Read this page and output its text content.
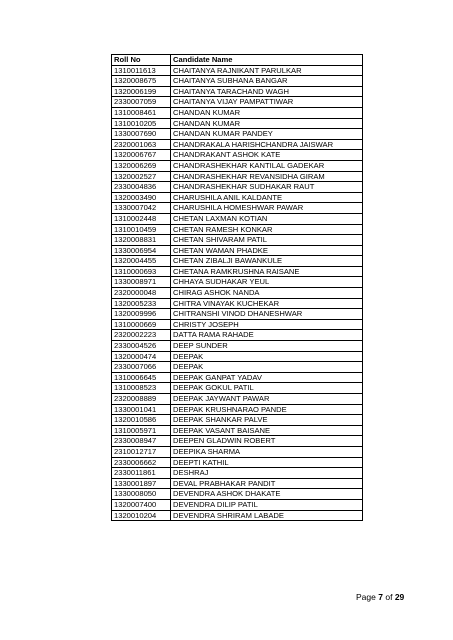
Roll No	Candidate Name
1310011613	CHAITANYA RAJNIKANT PARULKAR
1320008675	CHAITANYA SUBHANA BANGAR
1320006199	CHAITANYA TARACHAND WAGH
2330007059	CHAITANYA VIJAY PAMPATTIWAR
1310008461	CHANDAN KUMAR
1310010205	CHANDAN KUMAR
1330007690	CHANDAN KUMAR PANDEY
2320001063	CHANDRAKALA HARISHCHANDRA JAISWAR
1320006767	CHANDRAKANT ASHOK KATE
1320006269	CHANDRASHEKHAR KANTILAL GADEKAR
1320002527	CHANDRASHEKHAR REVANSIDHA GIRAM
2330004836	CHANDRASHEKHAR SUDHAKAR RAUT
1320003490	CHARUSHILA ANIL KALDANTE
1330007042	CHARUSHILA HOMESHWAR PAWAR
1310002448	CHETAN LAXMAN KOTIAN
1310010459	CHETAN RAMESH KONKAR
1320008831	CHETAN SHIVARAM PATIL
1330006954	CHETAN WAMAN PHADKE
1320004455	CHETAN ZIBALJI BAWANKULE
1310000693	CHETANA RAMKRUSHNA RAISANE
1330008971	CHHAYA SUDHAKAR YEUL
2320000048	CHIRAG ASHOK NANDA
1320005233	CHITRA VINAYAK KUCHEKAR
1320009996	CHITRANSHI VINOD DHANESHWAR
1310000669	CHRISTY JOSEPH
2320002223	DATTA RAMA RAHADE
2330004526	DEEP SUNDER
1320000474	DEEPAK
2330007066	DEEPAK
1310006645	DEEPAK GANPAT YADAV
1310008523	DEEPAK GOKUL PATIL
2320008889	DEEPAK JAYWANT PAWAR
1330001041	DEEPAK KRUSHNARAO PANDE
1320010586	DEEPAK SHANKAR PALVE
1310005971	DEEPAK VASANT BAISANE
2330008947	DEEPEN GLADWIN ROBERT
2310012717	DEEPIKA SHARMA
2330006662	DEEPTI KATHIL
2330011861	DESHRAJ
1330001897	DEVAL PRABHAKAR PANDIT
1330008050	DEVENDRA ASHOK DHAKATE
1320007400	DEVENDRA DILIP PATIL
1320010204	DEVENDRA SHRIRAM LABADE
Page 7 of 29
